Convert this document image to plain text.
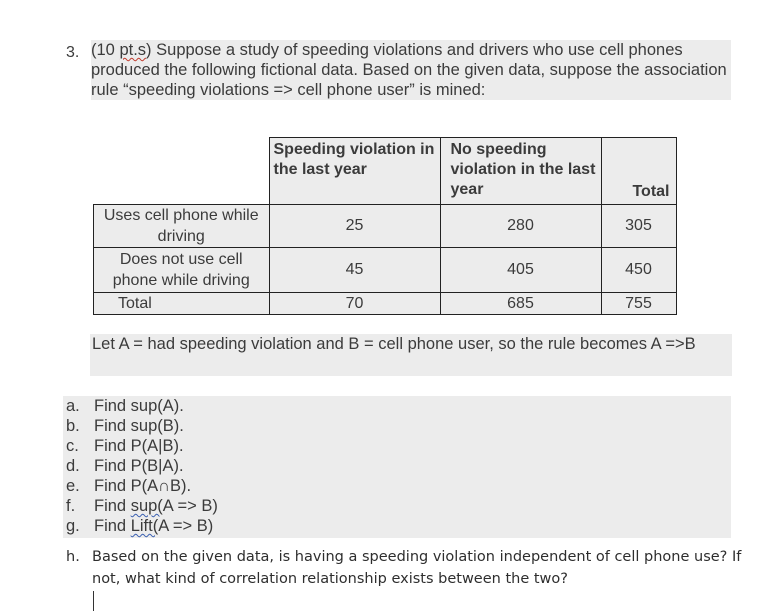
3. (10 pt.s) Suppose a study of speeding violations and drivers who use cell phones produced the following fictional data. Based on the given data, suppose the association rule “speeding violations => cell phone user” is mined:
	Speeding violation in the last year	No speeding violation in the last year	Total
Uses cell phone while driving	25	280	305
Does not use cell phone while driving	45	405	450
Total	70	685	755
Let A = had speeding violation and B = cell phone user, so the rule becomes A =>B
a. Find sup(A).
b. Find sup(B).
c. Find P(A|B).
d. Find P(B|A).
e. Find P(A∩B).
f. Find sup(A => B)
g. Find Lift(A => B)
h. Based on the given data, is having a speeding violation independent of cell phone use? If not, what kind of correlation relationship exists between the two?
